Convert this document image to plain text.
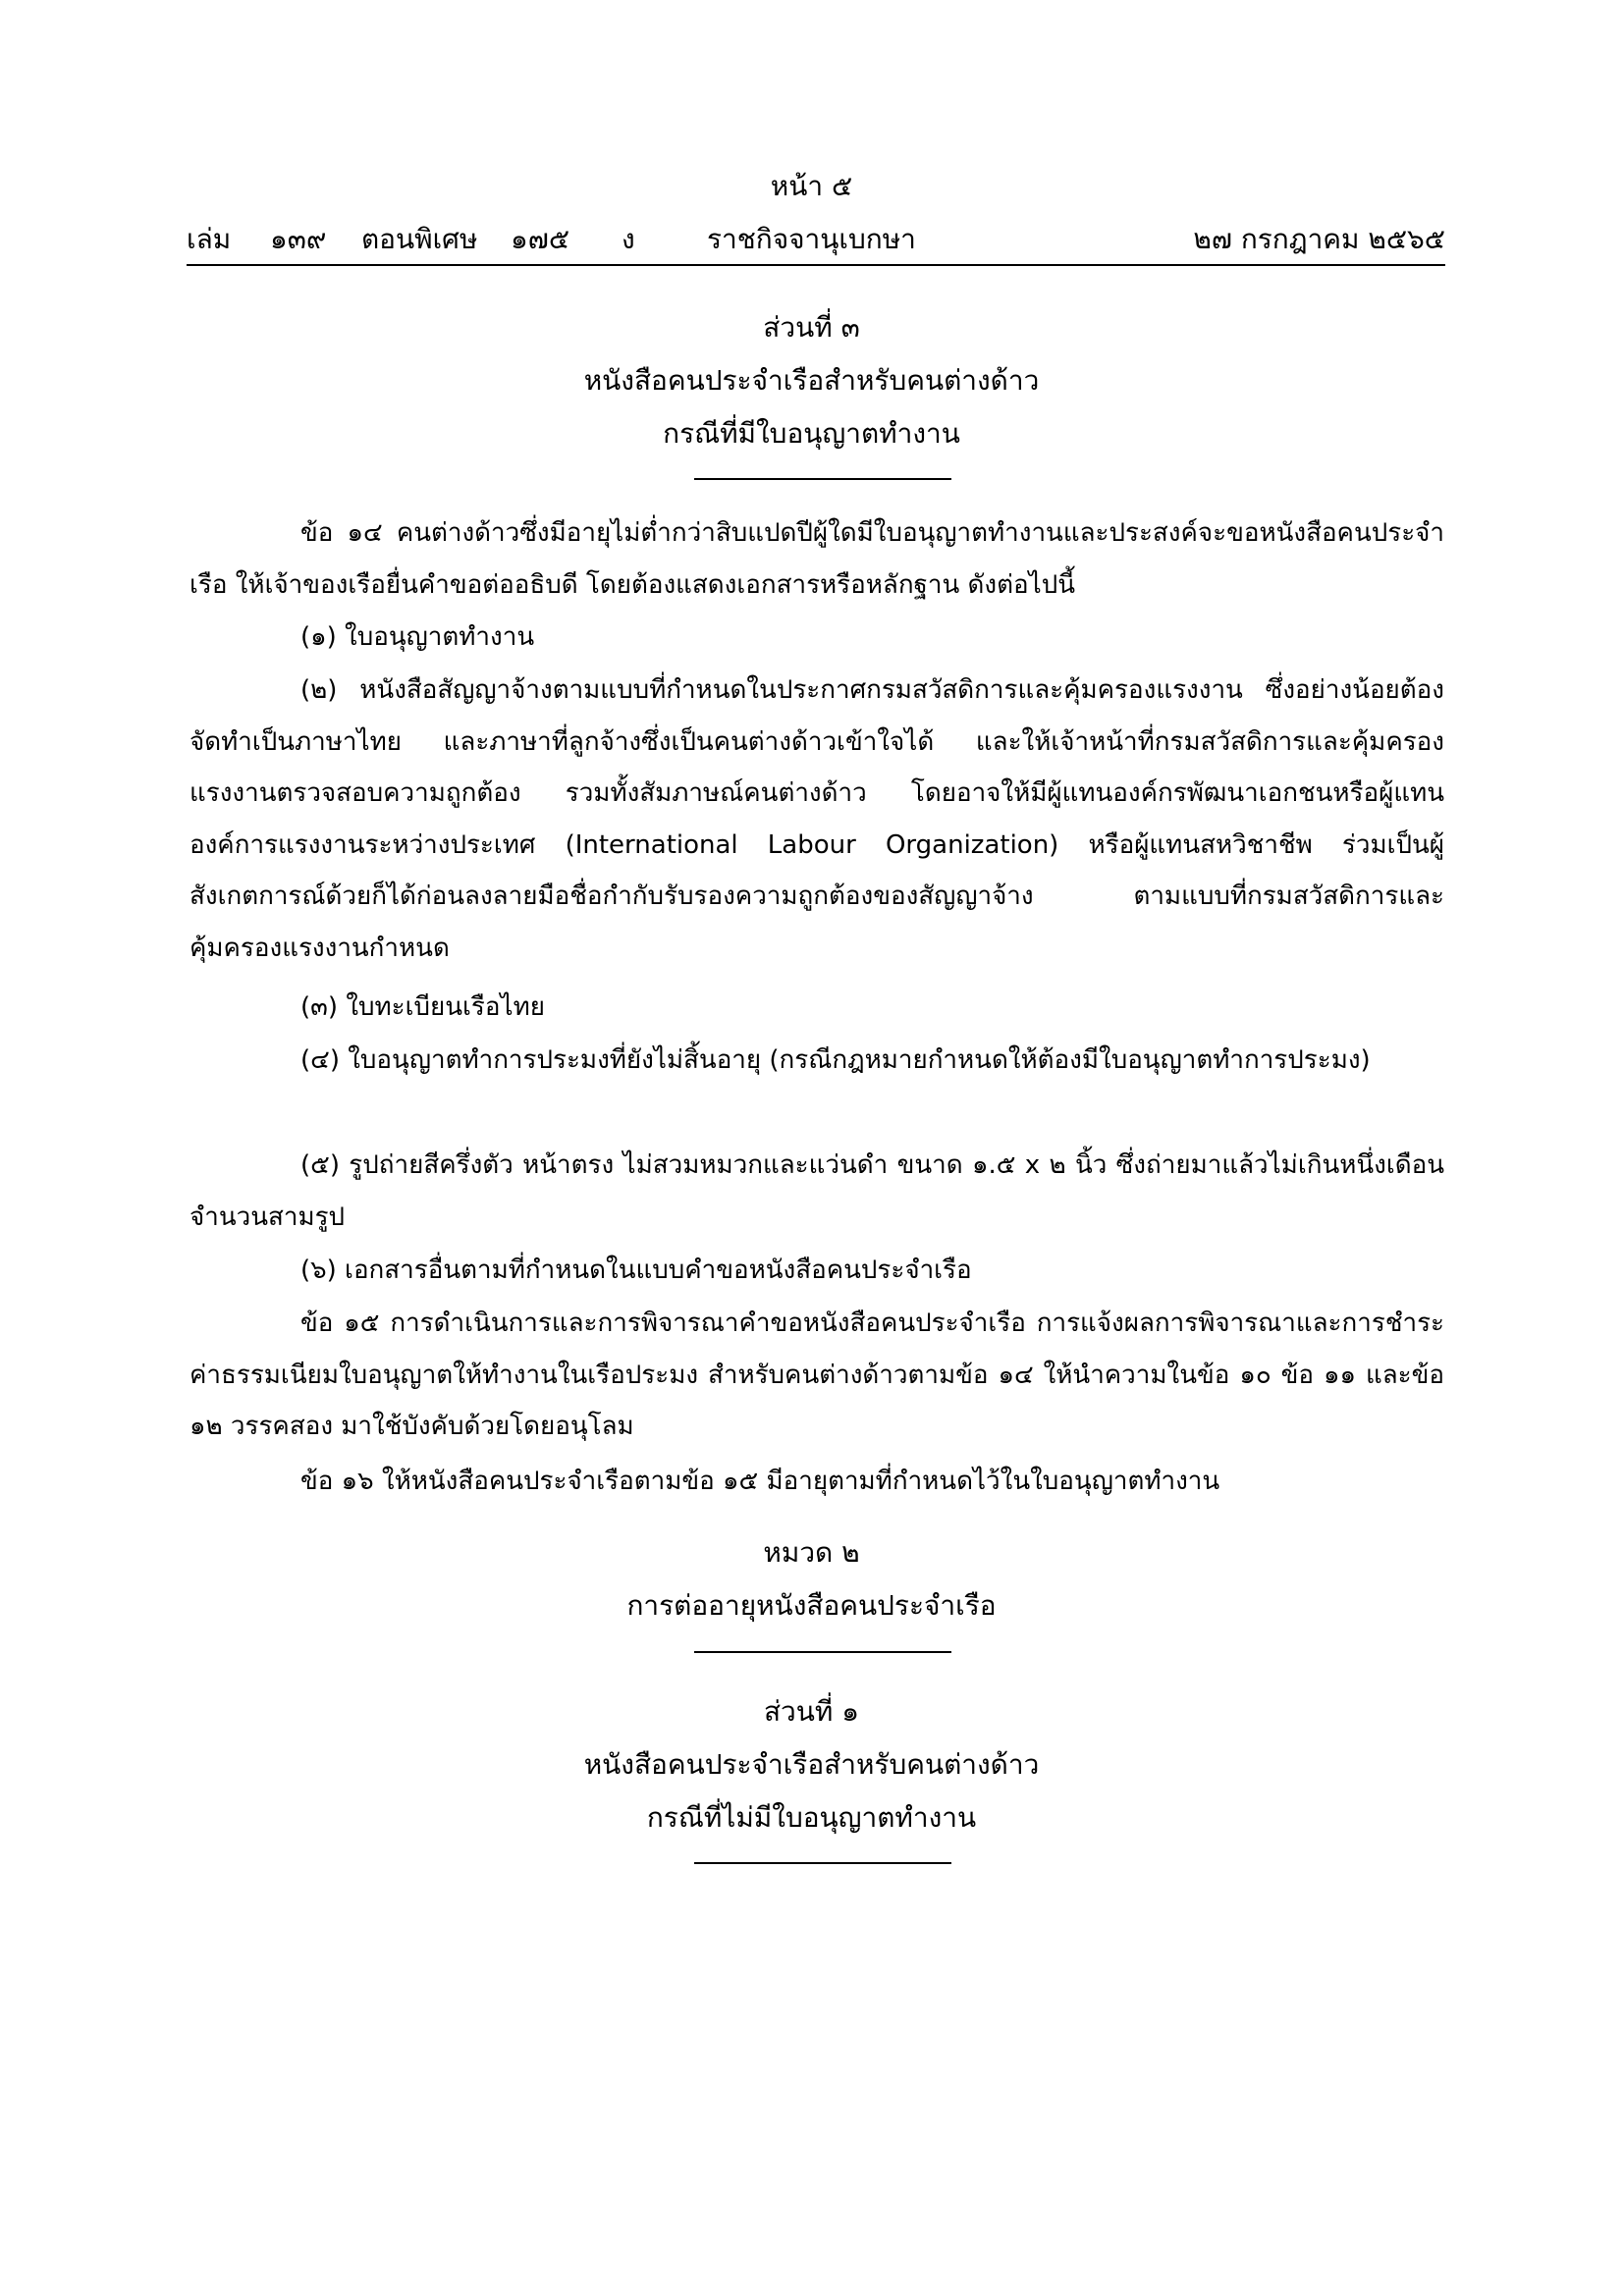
หน้า ๕
เล่ม ๑๓๙ ตอนพิเศษ ๑๗๕ ง	ราชกิจจานุเบกษา	๒๗ กรกฎาคม ๒๕๖๕
ส่วนที่ ๓
หนังสือคนประจำเรือสำหรับคนต่างด้าว
กรณีที่มีใบอนุญาตทำงาน
ข้อ ๑๔ คนต่างด้าวซึ่งมีอายุไม่ต่ำกว่าสิบแปดปีผู้ใดมีใบอนุญาตทำงานและประสงค์จะขอหนังสือคนประจำเรือ ให้เจ้าของเรือยื่นคำขอต่ออธิบดี โดยต้องแสดงเอกสารหรือหลักฐาน ดังต่อไปนี้
(๑) ใบอนุญาตทำงาน
(๒) หนังสือสัญญาจ้างตามแบบที่กำหนดในประกาศกรมสวัสดิการและคุ้มครองแรงงาน ซึ่งอย่างน้อยต้องจัดทำเป็นภาษาไทย และภาษาที่ลูกจ้างซึ่งเป็นคนต่างด้าวเข้าใจได้ และให้เจ้าหน้าที่กรมสวัสดิการและคุ้มครองแรงงานตรวจสอบความถูกต้อง รวมทั้งสัมภาษณ์คนต่างด้าว โดยอาจให้มีผู้แทนองค์กรพัฒนาเอกชนหรือผู้แทนองค์การแรงงานระหว่างประเทศ (International Labour Organization) หรือผู้แทนสหวิชาชีพ ร่วมเป็นผู้สังเกตการณ์ด้วยก็ได้ก่อนลงลายมือชื่อกำกับรับรองความถูกต้องของสัญญาจ้าง ตามแบบที่กรมสวัสดิการและคุ้มครองแรงงานกำหนด
(๓) ใบทะเบียนเรือไทย
(๔) ใบอนุญาตทำการประมงที่ยังไม่สิ้นอายุ (กรณีกฎหมายกำหนดให้ต้องมีใบอนุญาตทำการประมง)
(๕) รูปถ่ายสีครึ่งตัว หน้าตรง ไม่สวมหมวกและแว่นดำ ขนาด ๑.๕ x ๒ นิ้ว ซึ่งถ่ายมาแล้วไม่เกินหนึ่งเดือน จำนวนสามรูป
(๖) เอกสารอื่นตามที่กำหนดในแบบคำขอหนังสือคนประจำเรือ
ข้อ ๑๕ การดำเนินการและการพิจารณาคำขอหนังสือคนประจำเรือ การแจ้งผลการพิจารณาและการชำระค่าธรรมเนียมใบอนุญาตให้ทำงานในเรือประมง สำหรับคนต่างด้าวตามข้อ ๑๔ ให้นำความในข้อ ๑๐ ข้อ ๑๑ และข้อ ๑๒ วรรคสอง มาใช้บังคับด้วยโดยอนุโลม
ข้อ ๑๖ ให้หนังสือคนประจำเรือตามข้อ ๑๕ มีอายุตามที่กำหนดไว้ในใบอนุญาตทำงาน
หมวด ๒
การต่ออายุหนังสือคนประจำเรือ
ส่วนที่ ๑
หนังสือคนประจำเรือสำหรับคนต่างด้าว
กรณีที่ไม่มีใบอนุญาตทำงาน
